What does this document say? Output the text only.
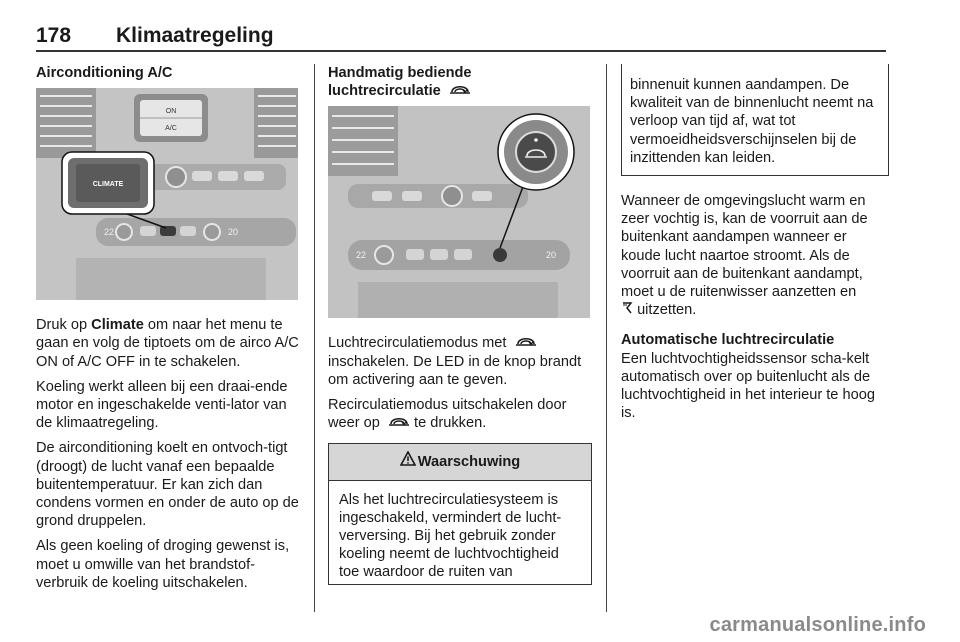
178 Klimaatregeling
Airconditioning A/C
ON
A/C
22	20
CLIMATE

Druk op Climate om naar het menu te gaan en volg de tiptoets om de airco A/C ON of A/C OFF in te schakelen.

Koeling werkt alleen bij een draai-ende motor en ingeschakelde venti-lator van de klimaatregeling.

De airconditioning koelt en ontvoch-tigt (droogt) de lucht vanaf een bepaalde buitentemperatuur. Er kan zich dan condens vormen en onder de auto op de grond druppelen.

Als geen koeling of droging gewenst is, moet u omwille van het brandstof-verbruik de koeling uitschakelen.

Handmatig bediende
luchtrecirculatie
22	20

Luchtrecirculatiemodus met
inschakelen. De LED in de knop brandt om activering aan te geven.

Recirculatiemodus uitschakelen door weer op te drukken.

Waarschuwing
Als het luchtrecirculatiesysteem is ingeschakeld, vermindert de lucht-verversing. Bij het gebruik zonder koeling neemt de luchtvochtigheid toe waardoor de ruiten van
binnenuit kunnen aandampen. De kwaliteit van de binnenlucht neemt na verloop van tijd af, wat tot vermoeidheidsverschijnselen bij de inzittenden kan leiden.

Wanneer de omgevingslucht warm en zeer vochtig is, kan de voorruit aan de buitenkant aandampen wanneer er koude lucht naartoe stroomt. Als de voorruit aan de buitenkant aandampt, moet u de ruitenwisser aanzetten en
uitzetten.

Automatische luchtrecirculatie

Een luchtvochtigheidssensor scha-kelt automatisch over op buitenlucht als de luchtvochtigheid in het interieur te hoog is.

carmanualsonline.info
